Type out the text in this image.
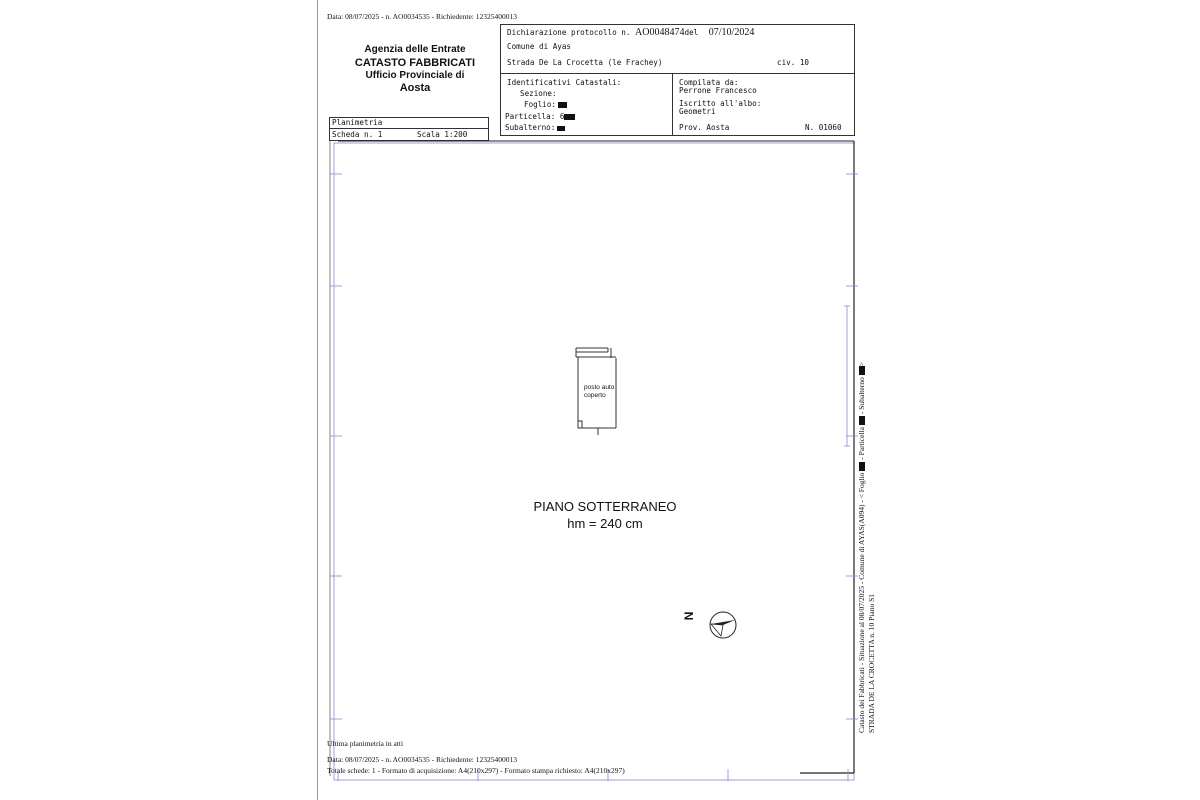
Data: 08/07/2025 - n. AO0034535 - Richiedente: 12325400013
Agenzia delle Entrate
CATASTO FABBRICATI
Ufficio Provinciale di
Aosta
Dichiarazione protocollo n. AO0048474del 07/10/2024
Comune di Ayas
Strada De La Crocetta (le Frachey)	civ. 10
Identificativi Catastali:
Sezione:
Foglio:
Particella: 6
Subalterno:
Compilata da:
Perrone Francesco
Iscritto all'albo:
Geometri
Prov. Aosta	N. 01060
Planimetria
Scheda n. 1	Scala 1:200
posto auto
coperto
PIANO SOTTERRANEO
hm = 240 cm
N	Catasto dei Fabbricati - Situazione al 08/07/2025 - Comune di AYAS(A094) - < Foglio - Particella - Subalterno>
STRADA DE LA CROCETTA n. 10 Piano S1
Ultima planimetria in atti
Data: 08/07/2025 - n. AO0034535 - Richiedente: 12325400013
Totale schede: 1 - Formato di acquisizione: A4(210x297) - Formato stampa richiesto: A4(210x297)
